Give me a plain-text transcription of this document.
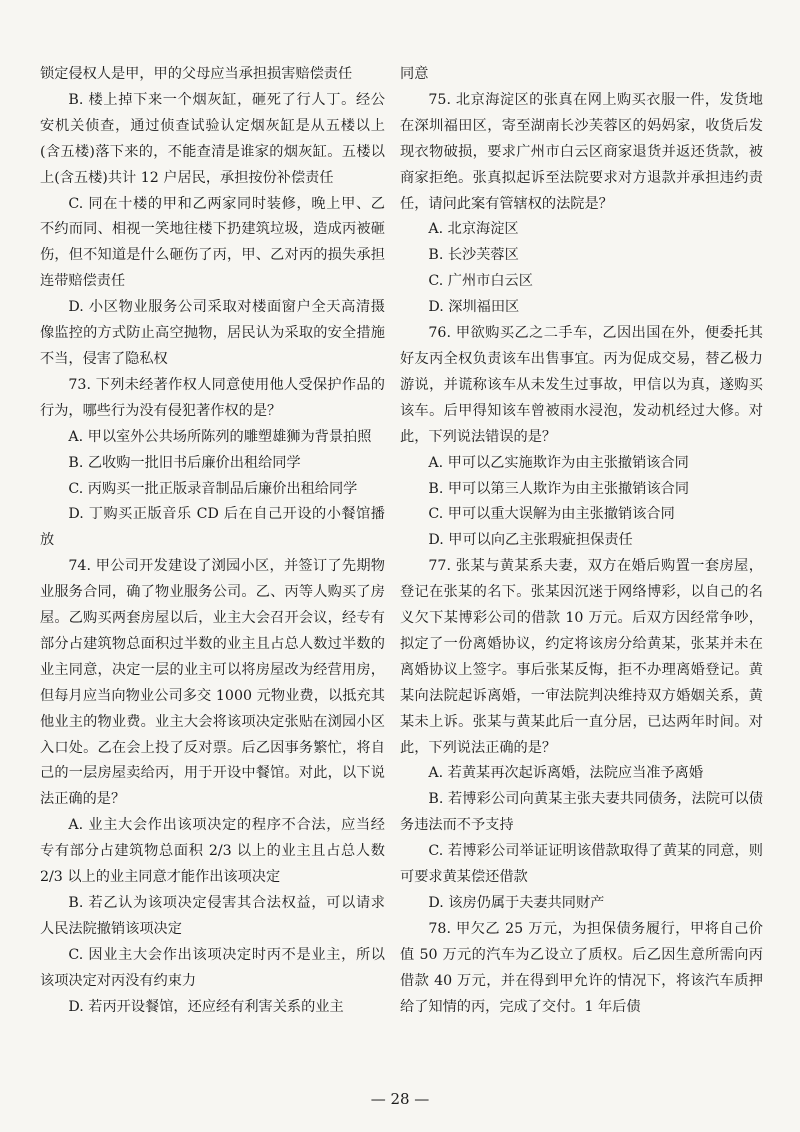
锁定侵权人是甲，甲的父母应当承担损害赔偿责任

B. 楼上掉下来一个烟灰缸，砸死了行人丁。经公安机关侦查，通过侦查试验认定烟灰缸是从五楼以上(含五楼)落下来的，不能查清是谁家的烟灰缸。五楼以上(含五楼)共计 12 户居民，承担按份补偿责任

C. 同在十楼的甲和乙两家同时装修，晚上甲、乙不约而同、相视一笑地往楼下扔建筑垃圾，造成丙被砸伤，但不知道是什么砸伤了丙，甲、乙对丙的损失承担连带赔偿责任

D. 小区物业服务公司采取对楼面窗户全天高清摄像监控的方式防止高空抛物，居民认为采取的安全措施不当，侵害了隐私权

73. 下列未经著作权人同意使用他人受保护作品的行为，哪些行为没有侵犯著作权的是？

A. 甲以室外公共场所陈列的雕塑雄狮为背景拍照

B. 乙收购一批旧书后廉价出租给同学

C. 丙购买一批正版录音制品后廉价出租给同学

D. 丁购买正版音乐 CD 后在自己开设的小餐馆播放

74. 甲公司开发建设了浏园小区，并签订了先期物业服务合同，确了物业服务公司。乙、丙等人购买了房屋。乙购买两套房屋以后，业主大会召开会议，经专有部分占建筑物总面积过半数的业主且占总人数过半数的业主同意，决定一层的业主可以将房屋改为经营用房，但每月应当向物业公司多交 1000 元物业费，以抵充其他业主的物业费。业主大会将该项决定张贴在浏园小区入口处。乙在会上投了反对票。后乙因事务繁忙，将自己的一层房屋卖给丙，用于开设中餐馆。对此，以下说法正确的是？

A. 业主大会作出该项决定的程序不合法，应当经专有部分占建筑物总面积 2/3 以上的业主且占总人数 2/3 以上的业主同意才能作出该项决定

B. 若乙认为该项决定侵害其合法权益，可以请求人民法院撤销该项决定

C. 因业主大会作出该项决定时丙不是业主，所以该项决定对丙没有约束力

D. 若丙开设餐馆，还应经有利害关系的业主

同意

75. 北京海淀区的张真在网上购买衣服一件，发货地在深圳福田区，寄至湖南长沙芙蓉区的妈妈家，收货后发现衣物破损，要求广州市白云区商家退货并返还货款，被商家拒绝。张真拟起诉至法院要求对方退款并承担违约责任，请问此案有管辖权的法院是？

A. 北京海淀区

B. 长沙芙蓉区

C. 广州市白云区

D. 深圳福田区

76. 甲欲购买乙之二手车，乙因出国在外，便委托其好友丙全权负责该车出售事宜。丙为促成交易，替乙极力游说，并谎称该车从未发生过事故，甲信以为真，遂购买该车。后甲得知该车曾被雨水浸泡，发动机经过大修。对此，下列说法错误的是？

A. 甲可以乙实施欺诈为由主张撤销该合同

B. 甲可以第三人欺诈为由主张撤销该合同

C. 甲可以重大误解为由主张撤销该合同

D. 甲可以向乙主张瑕疵担保责任

77. 张某与黄某系夫妻，双方在婚后购置一套房屋，登记在张某的名下。张某因沉迷于网络博彩，以自己的名义欠下某博彩公司的借款 10 万元。后双方因经常争吵，拟定了一份离婚协议，约定将该房分给黄某，张某并未在离婚协议上签字。事后张某反悔，拒不办理离婚登记。黄某向法院起诉离婚，一审法院判决维持双方婚姻关系，黄某未上诉。张某与黄某此后一直分居，已达两年时间。对此，下列说法正确的是？

A. 若黄某再次起诉离婚，法院应当准予离婚

B. 若博彩公司向黄某主张夫妻共同债务，法院可以债务违法而不予支持

C. 若博彩公司举证证明该借款取得了黄某的同意，则可要求黄某偿还借款

D. 该房仍属于夫妻共同财产

78. 甲欠乙 25 万元，为担保债务履行，甲将自己价值 50 万元的汽车为乙设立了质权。后乙因生意所需向丙借款 40 万元，并在得到甲允许的情况下，将该汽车质押给了知情的丙，完成了交付。1 年后债

— 28 —
